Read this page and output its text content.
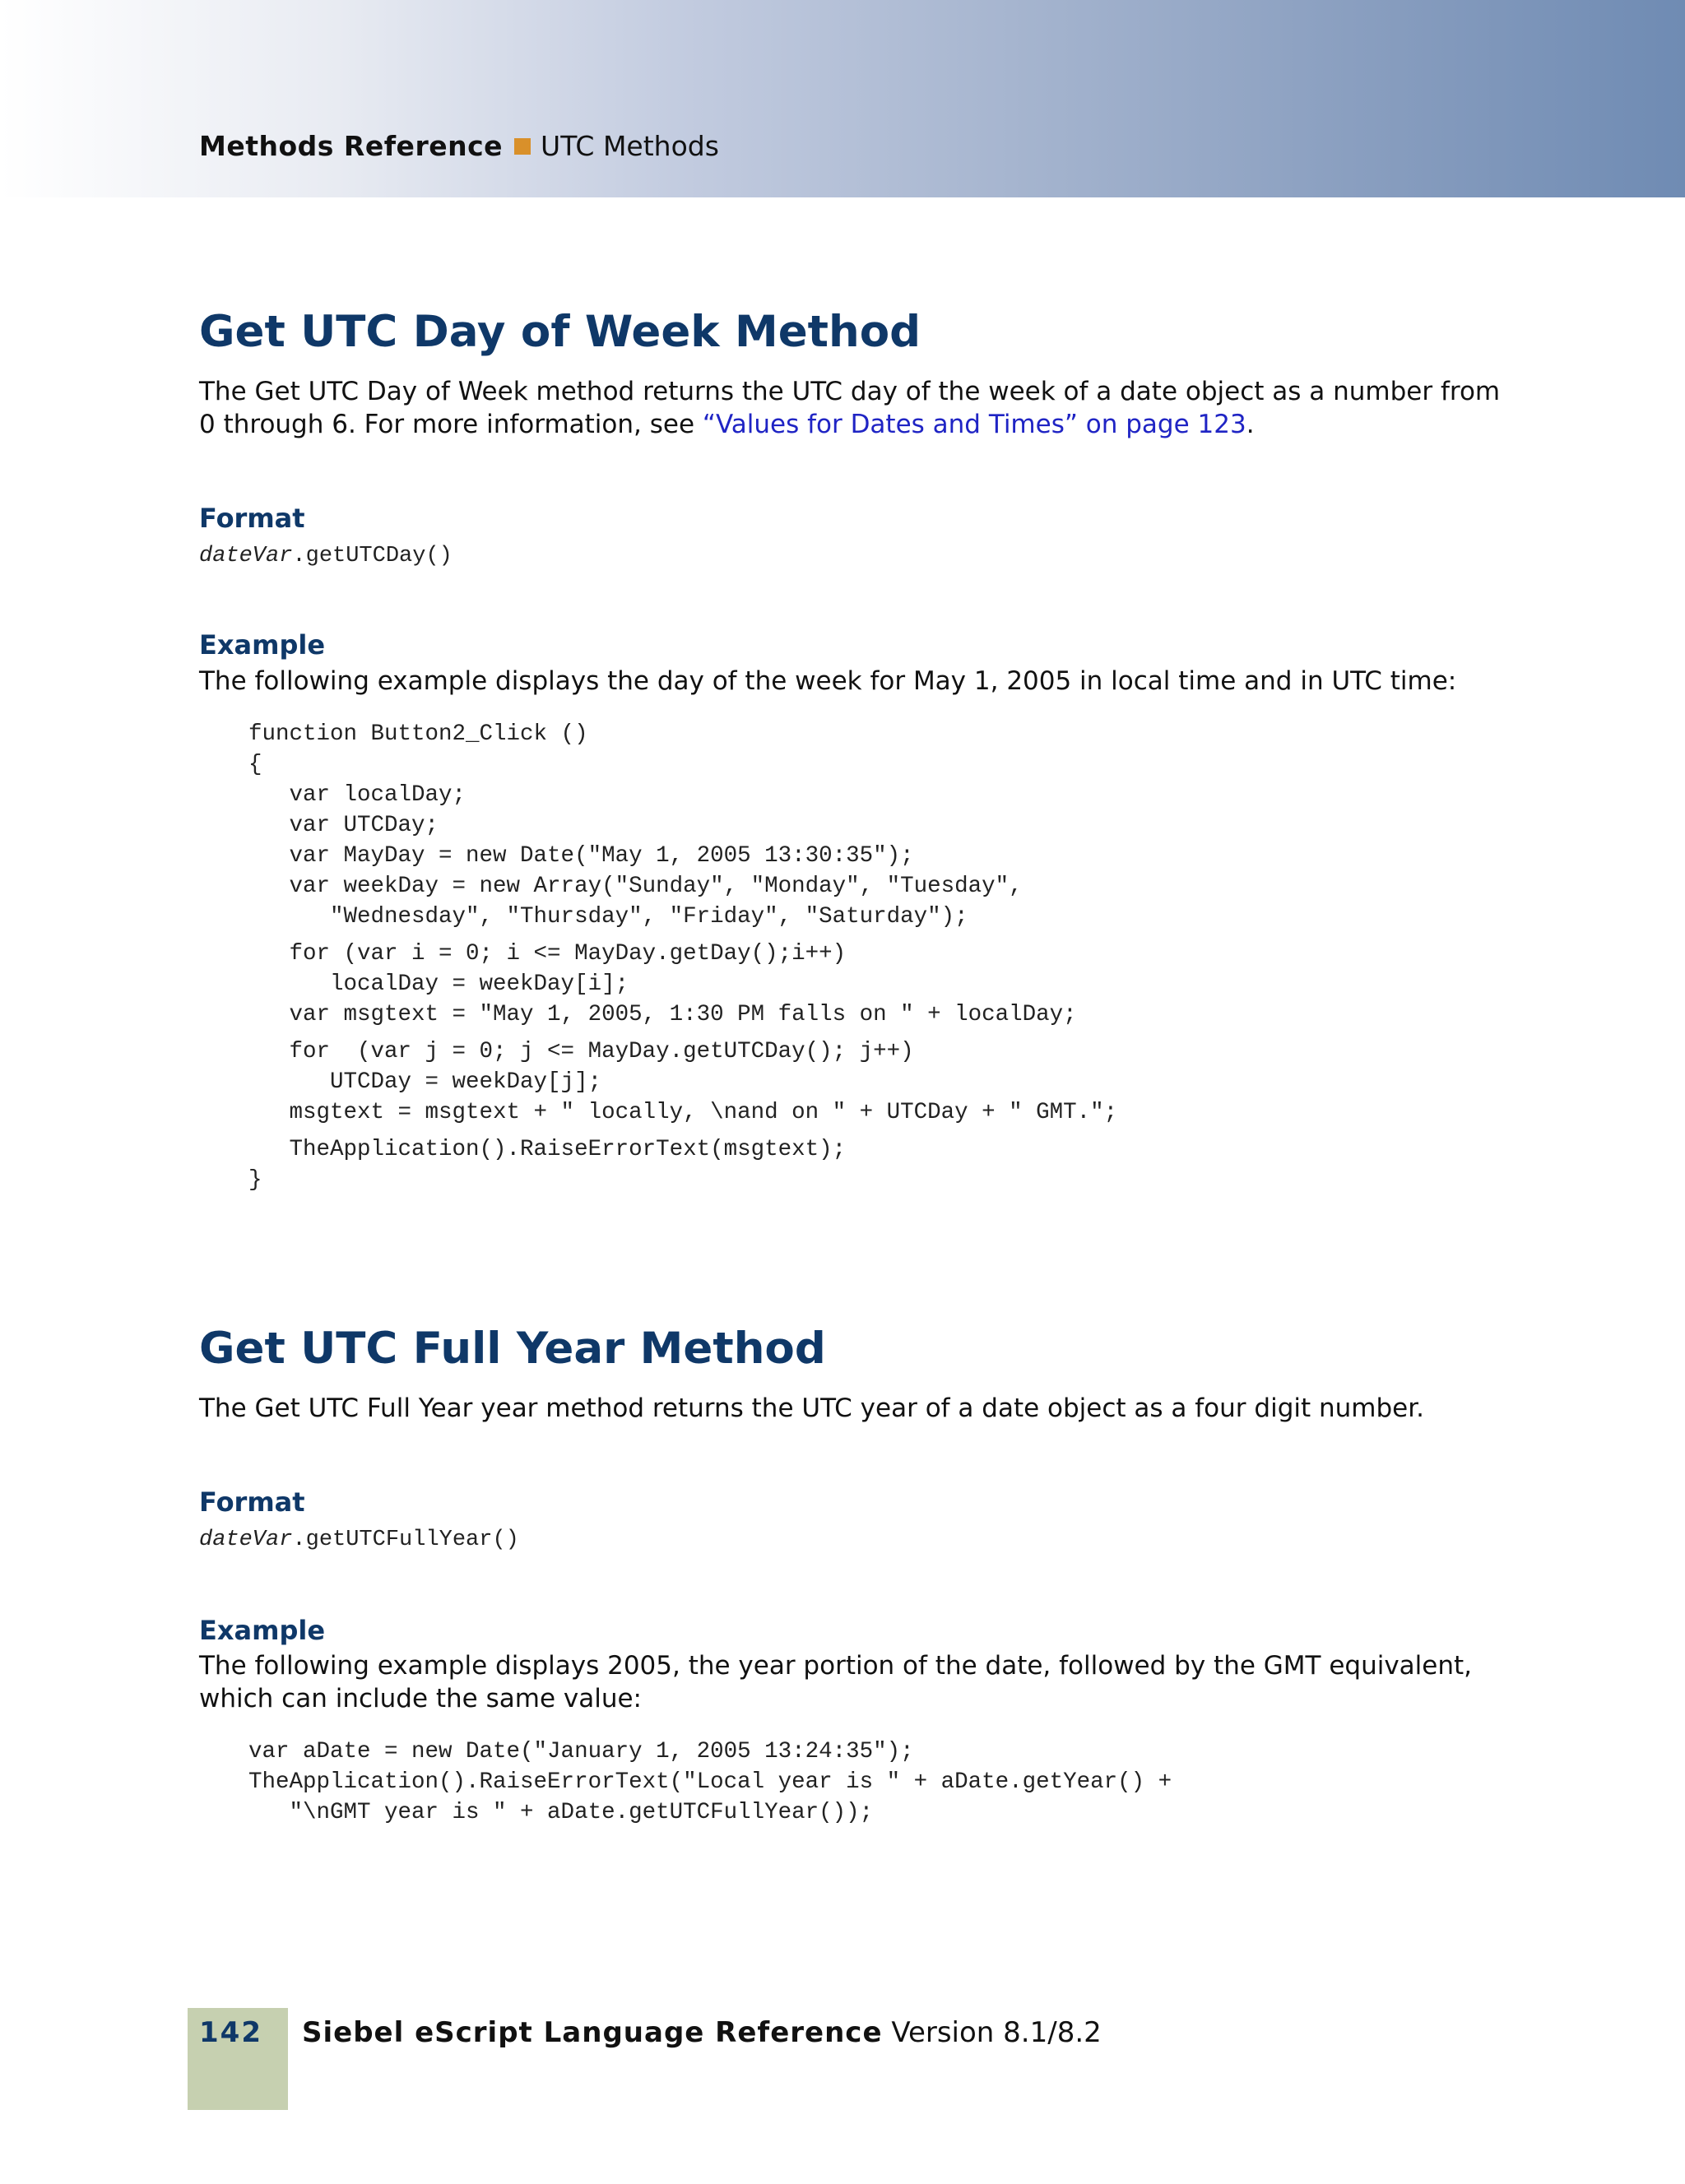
Methods Reference UTC Methods
Get UTC Day of Week Method

The Get UTC Day of Week method returns the UTC day of the week of a date object as a number from 0 through 6. For more information, see “Values for Dates and Times” on page 123.

Format
dateVar.getUTCDay()
Example

The following example displays the day of the week for May 1, 2005 in local time and in UTC time:

function Button2_Click ()
{
var localDay;
var UTCDay;
var MayDay = new Date("May 1, 2005 13:30:35");
var weekDay = new Array("Sunday", "Monday", "Tuesday",
"Wednesday", "Thursday", "Friday", "Saturday");

for (var i = 0; i <= MayDay.getDay();i++)
localDay = weekDay[i];
var msgtext = "May 1, 2005, 1:30 PM falls on " + localDay;

for  (var j = 0; j <= MayDay.getUTCDay(); j++)
UTCDay = weekDay[j];
msgtext = msgtext + " locally, \nand on " + UTCDay + " GMT.";

TheApplication().RaiseErrorText(msgtext);
}
Get UTC Full Year Method

The Get UTC Full Year year method returns the UTC year of a date object as a four digit number.

Format
dateVar.getUTCFullYear()
Example

The following example displays 2005, the year portion of the date, followed by the GMT equivalent, which can include the same value:

var aDate = new Date("January 1, 2005 13:24:35");
TheApplication().RaiseErrorText("Local year is " + aDate.getYear() +
"\nGMT year is " + aDate.getUTCFullYear());
142 Siebel eScript Language Reference Version 8.1/8.2
